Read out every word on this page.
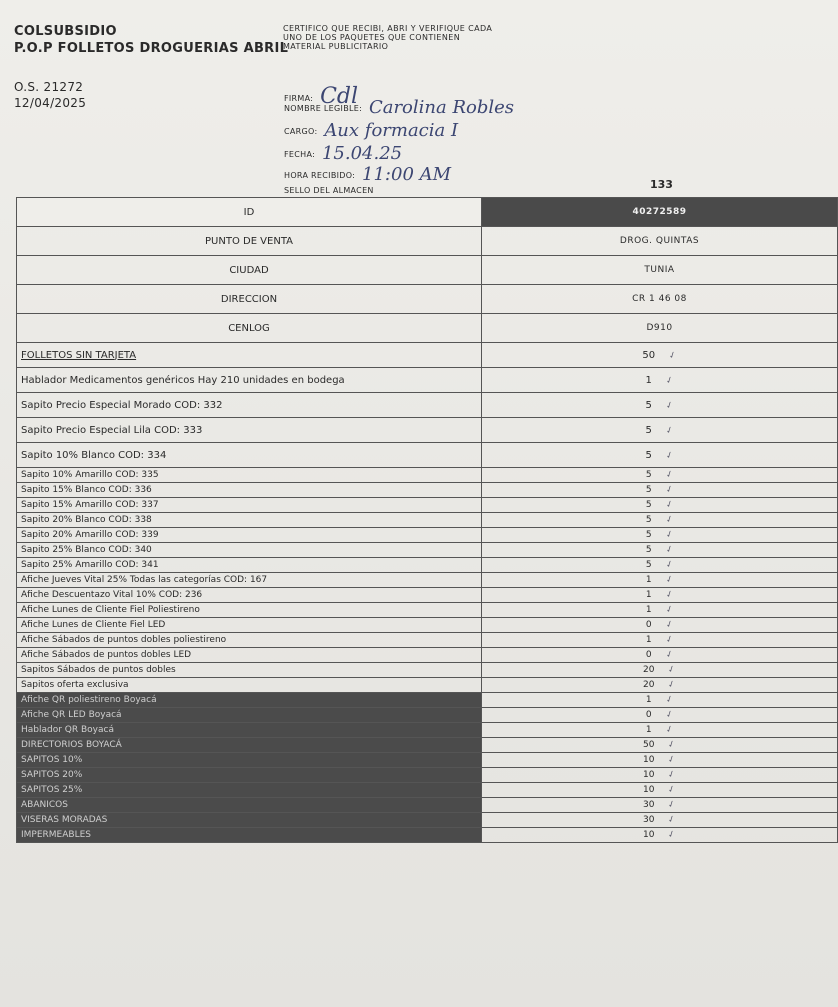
COLSUBSIDIO
P.O.P FOLLETOS DROGUERIAS ABRIL
O.S. 21272
12/04/2025
CERTIFICO QUE RECIBI, ABRI Y VERIFIQUE CADA UNO DE LOS PAQUETES QUE CONTIENEN MATERIAL PUBLICITARIO
FIRMA: Cdl
NOMBRE LEGIBLE: Carolina Robles
CARGO: Aux formacia I
FECHA: 15.04.25
HORA RECIBIDO: 11:00 AM
SELLO DEL ALMACEN	133
ID	40272589
PUNTO DE VENTA	DROG. QUINTAS
CIUDAD	TUNIA
DIRECCION	CR 1 46 08
CENLOG	D910
FOLLETOS SIN TARJETA	50 ✓
Hablador Medicamentos genéricos Hay 210 unidades en bodega	1 ✓
Sapito Precio Especial Morado COD: 332	5 ✓
Sapito Precio Especial Lila COD: 333	5 ✓
Sapito 10% Blanco COD: 334	5 ✓
Sapito 10% Amarillo COD: 335	5 ✓
Sapito 15% Blanco COD: 336	5 ✓
Sapito 15% Amarillo COD: 337	5 ✓
Sapito 20% Blanco COD: 338	5 ✓
Sapito 20% Amarillo COD: 339	5 ✓
Sapito 25% Blanco COD: 340	5 ✓
Sapito 25% Amarillo COD: 341	5 ✓
Afiche Jueves Vital 25% Todas las categorías COD: 167	1 ✓
Afiche Descuentazo Vital 10% COD: 236	1 ✓
Afiche Lunes de Cliente Fiel Poliestireno	1 ✓
Afiche Lunes de Cliente Fiel LED	0 ✓
Afiche Sábados de puntos dobles poliestireno	1 ✓
Afiche Sábados de puntos dobles LED	0 ✓
Sapitos Sábados de puntos dobles	20 ✓
Sapitos oferta exclusiva	20 ✓
Afiche QR poliestireno Boyacá	1 ✓
Afiche QR LED Boyacá	0 ✓
Hablador QR Boyacá	1 ✓
DIRECTORIOS BOYACÁ	50 ✓
SAPITOS 10%	10 ✓
SAPITOS 20%	10 ✓
SAPITOS 25%	10 ✓
ABANICOS	30 ✓
VISERAS MORADAS	30 ✓
IMPERMEABLES	10 ✓
